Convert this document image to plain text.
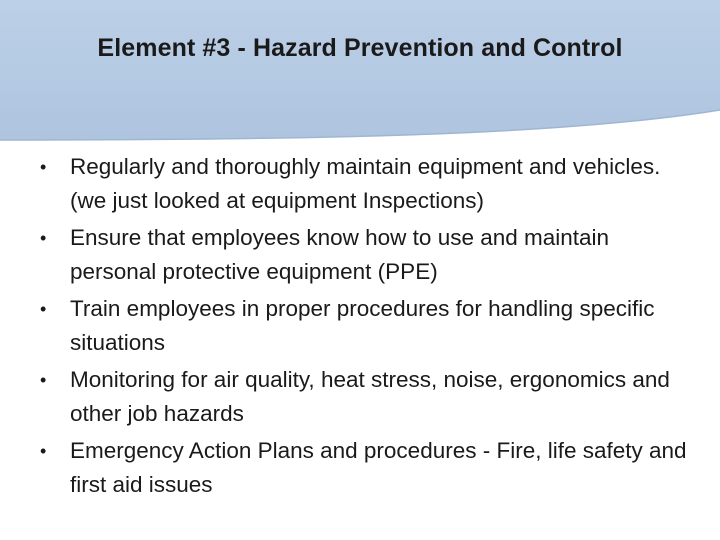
Element #3 - Hazard Prevention and Control
•	Regularly and thoroughly maintain equipment and vehicles. (we just looked at equipment Inspections)
•	Ensure that employees know how to use and maintain personal protective equipment (PPE)
•	Train employees in proper procedures for handling specific situations
•	Monitoring for air quality, heat stress, noise, ergonomics and other job hazards
•	Emergency Action Plans and procedures - Fire, life safety and first aid issues
